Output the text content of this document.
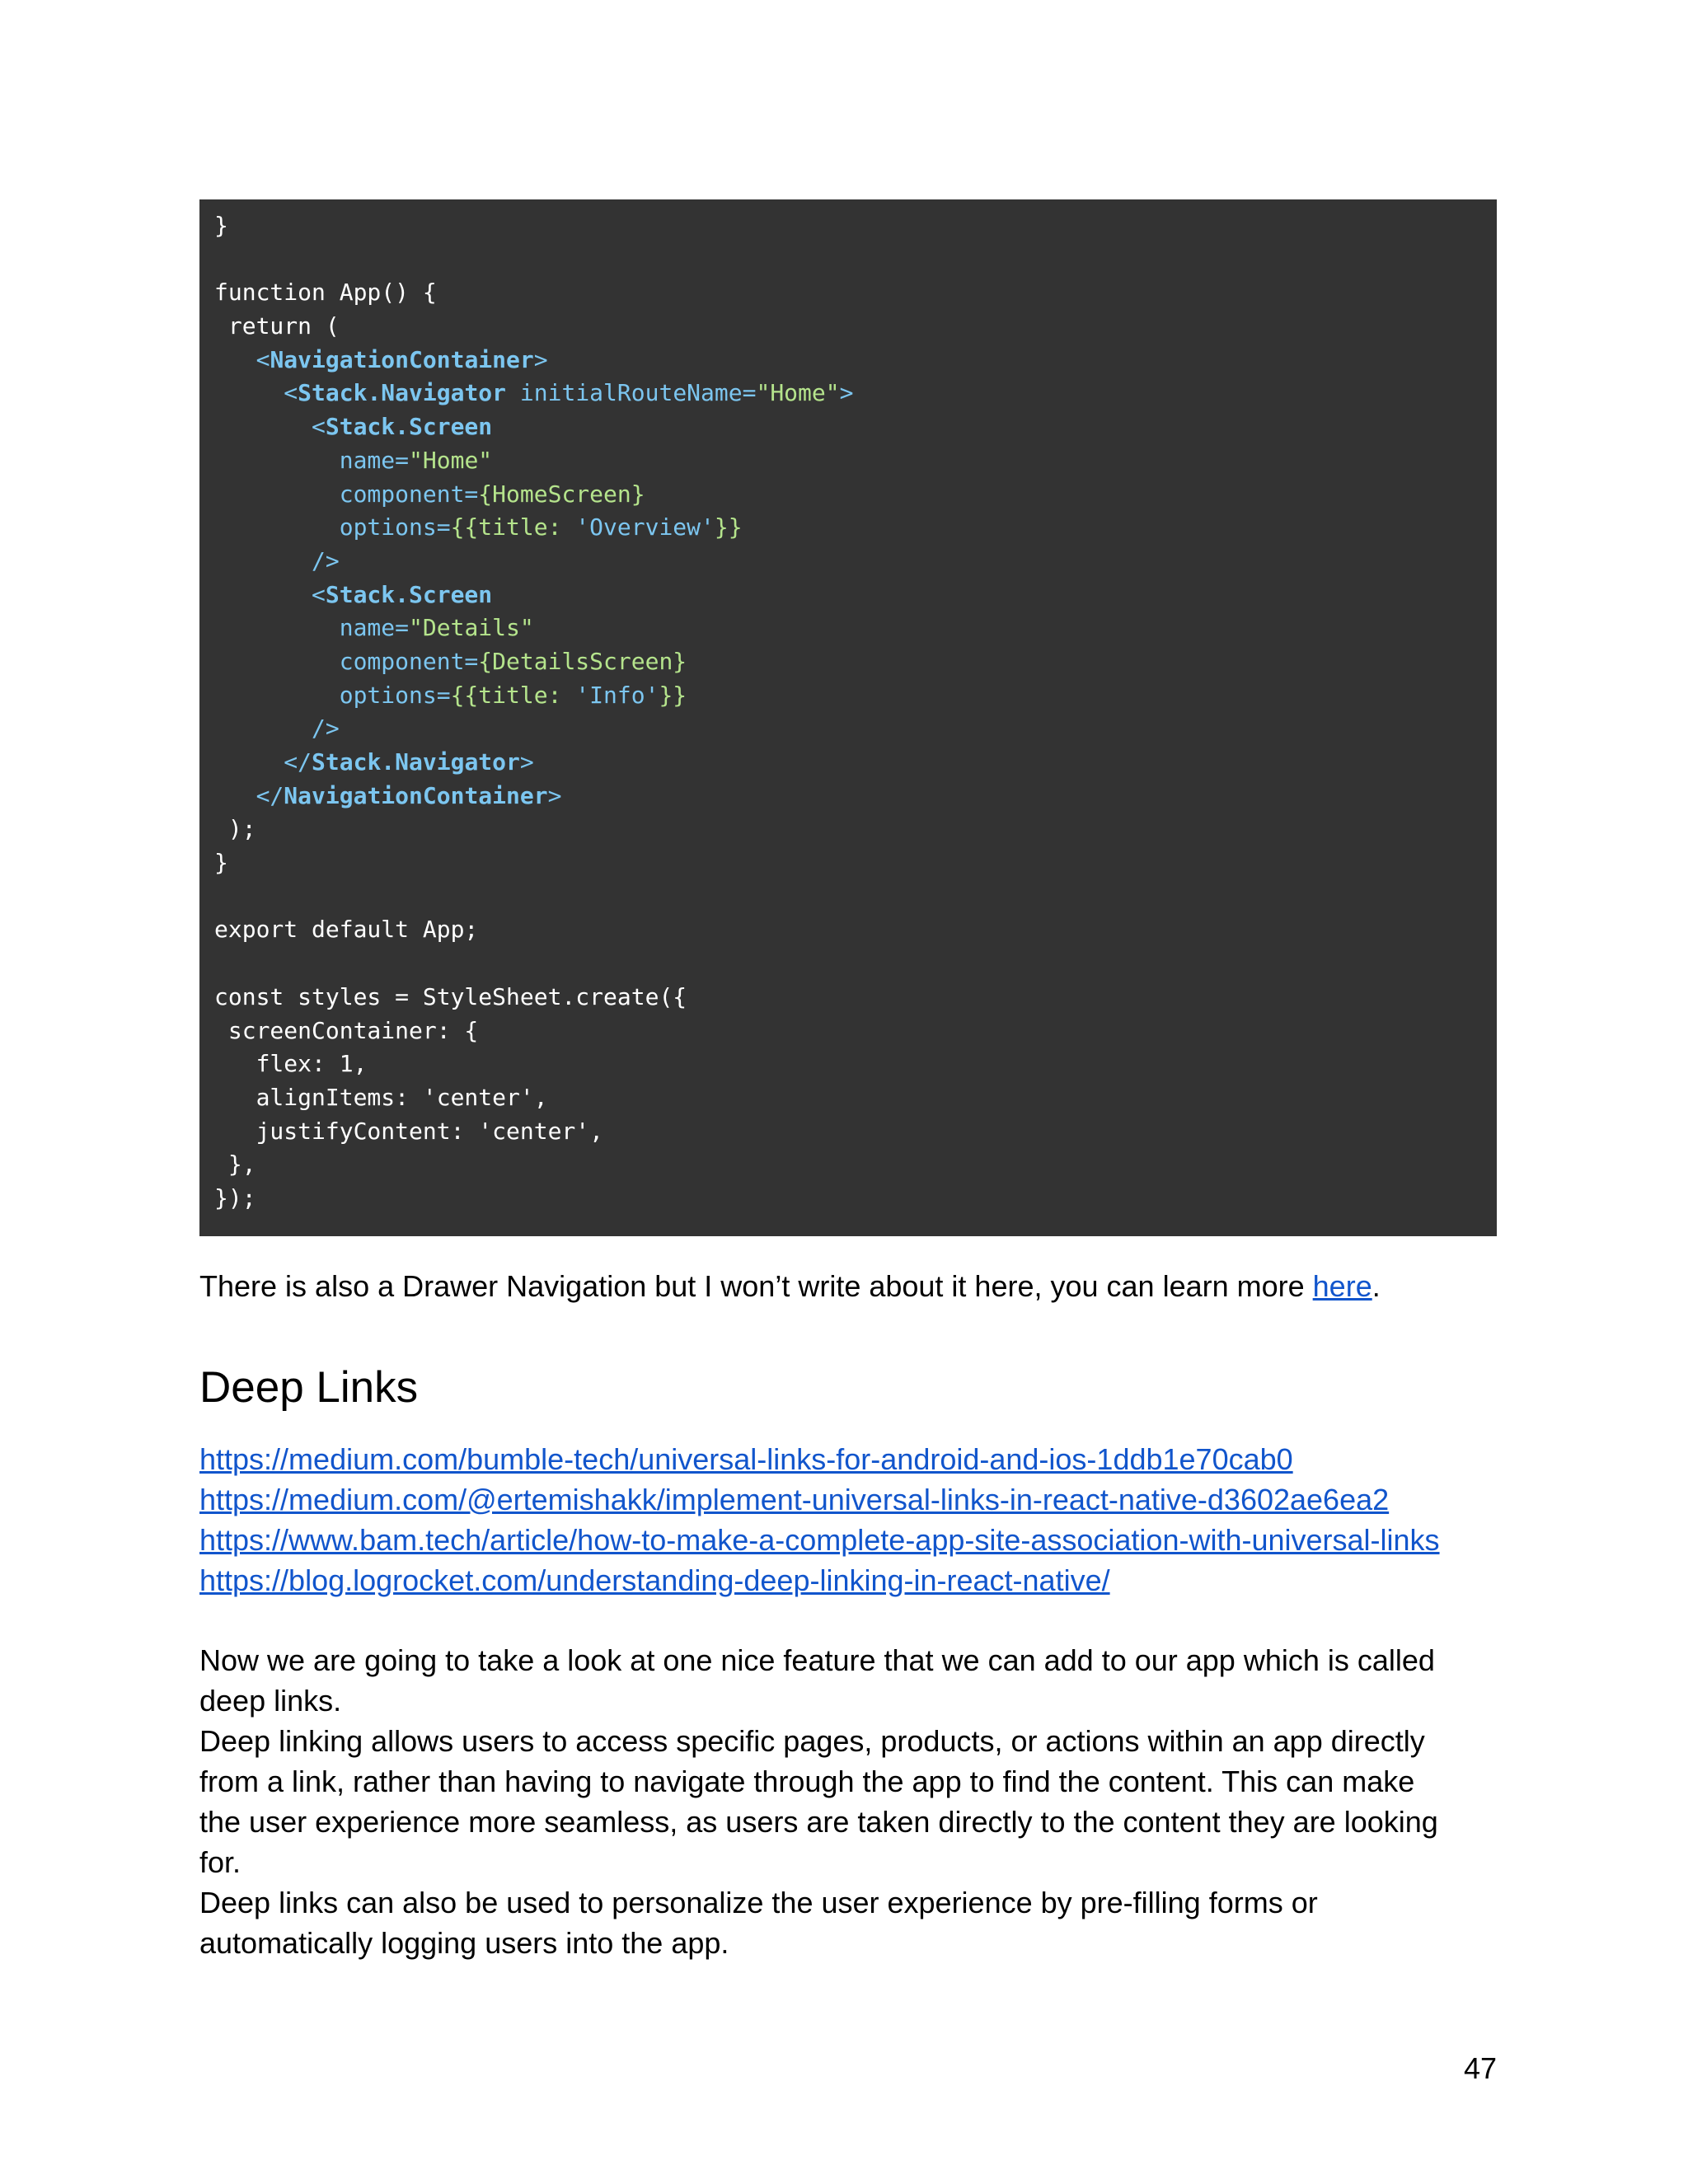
}

function App() {
return (
<NavigationContainer>
<Stack.Navigator initialRouteName="Home">
<Stack.Screen
name="Home"
component={HomeScreen}
options={{title: 'Overview'}}
/>
<Stack.Screen
name="Details"
component={DetailsScreen}
options={{title: 'Info'}}
/>
</Stack.Navigator>
</NavigationContainer>
);
}

export default App;

const styles = StyleSheet.create({
screenContainer: {
flex: 1,
alignItems: 'center',
justifyContent: 'center',
},
});
There is also a Drawer Navigation but I won’t write about it here, you can learn more here.
Deep Links
https://medium.com/bumble-tech/universal-links-for-android-and-ios-1ddb1e70cab0
https://medium.com/@ertemishakk/implement-universal-links-in-react-native-d3602ae6ea2
https://www.bam.tech/article/how-to-make-a-complete-app-site-association-with-universal-links
https://blog.logrocket.com/understanding-deep-linking-in-react-native/
Now we are going to take a look at one nice feature that we can add to our app which is called
deep links.
Deep linking allows users to access specific pages, products, or actions within an app directly
from a link, rather than having to navigate through the app to find the content. This can make
the user experience more seamless, as users are taken directly to the content they are looking
for.
Deep links can also be used to personalize the user experience by pre-filling forms or
automatically logging users into the app.
47
